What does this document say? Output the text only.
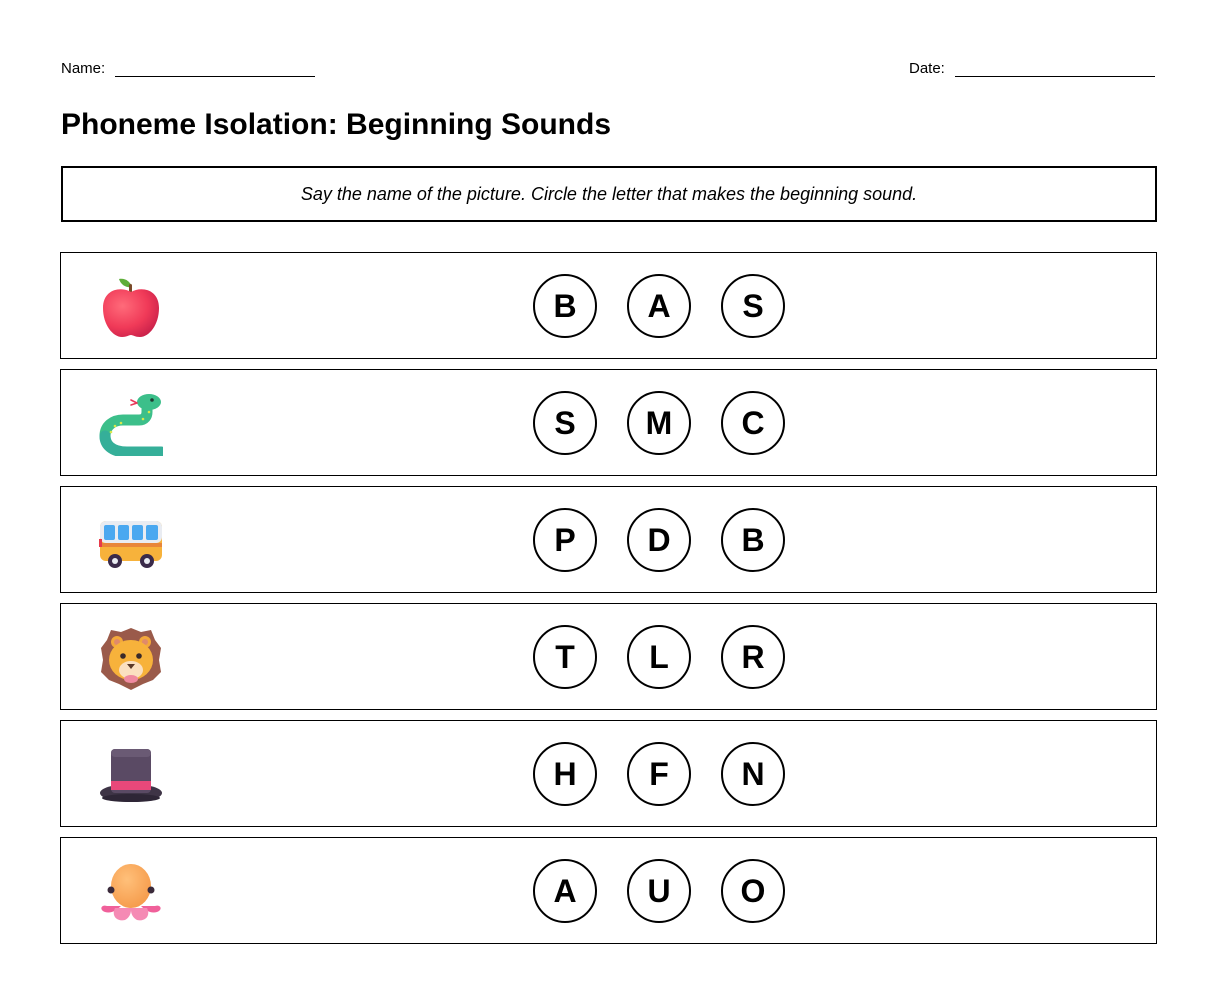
Name:	Date:
Phoneme Isolation: Beginning Sounds
Say the name of the picture. Circle the letter that makes the beginning sound.
B	A	S
S	M	C
P	D	B
T	L	R
H	F	N
A	U	O
